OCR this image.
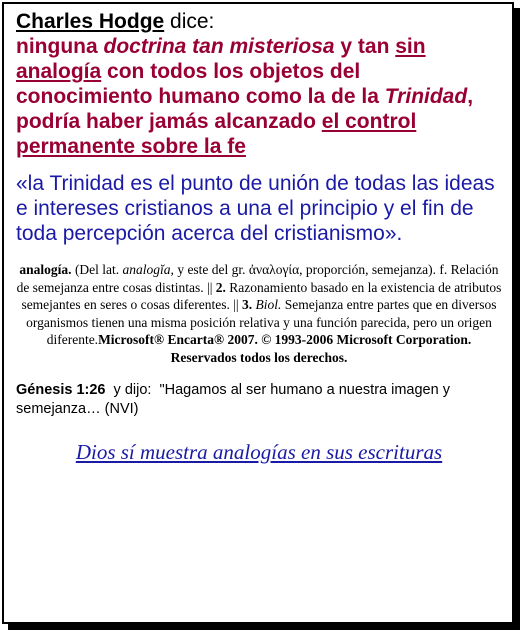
Charles Hodge dice:

ninguna doctrina tan misteriosa y tan sin analogía con todos los objetos del conocimiento humano como la de la Trinidad, podría haber jamás alcanzado el control permanente sobre la fe

«la Trinidad es el punto de unión de todas las ideas e intereses cristianos a una el principio y el fin de toda percepción acerca del cristianismo».

analogía. (Del lat. analogĭa, y este del gr. ἀναλογία, proporción, semejanza). f. Relación de semejanza entre cosas distintas. || 2. Razonamiento basado en la existencia de atributos semejantes en seres o cosas diferentes. || 3. Biol. Semejanza entre partes que en diversos organismos tienen una misma posición relativa y una función parecida, pero un origen diferente.Microsoft® Encarta® 2007. © 1993-2006 Microsoft Corporation. Reservados todos los derechos.

Génesis 1:26  y dijo:  "Hagamos al ser humano a nuestra imagen y semejanza… (NVI)

Dios sí muestra analogías en sus escrituras
